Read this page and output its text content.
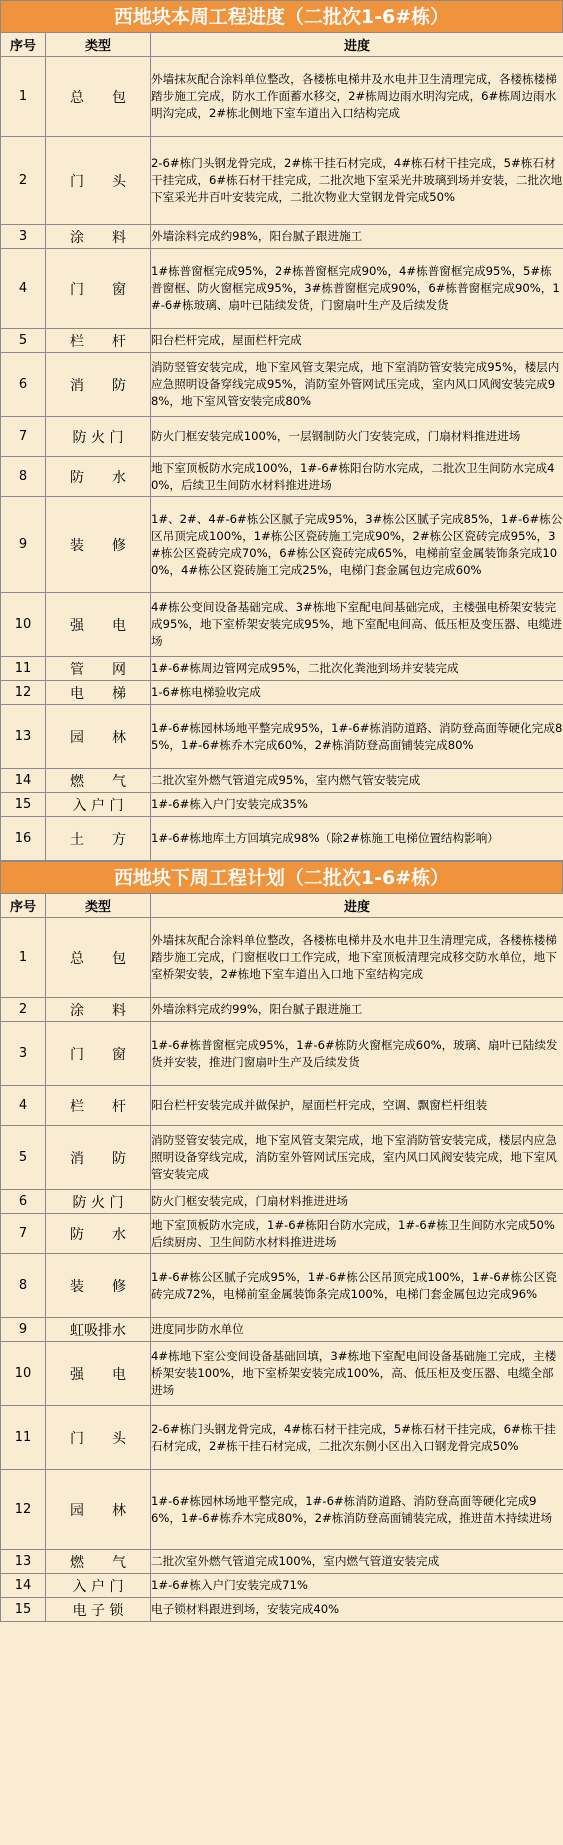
西地块本周工程进度（二批次1-6#栋）
序号	类型	进度
1	总　　包	外墙抹灰配合涂料单位整改，各楼栋电梯井及水电井卫生清理完成，各楼栋楼梯踏步施工完成，防水工作面蓄水移交，2#栋周边雨水明沟完成，6#栋周边雨水明沟完成，2#栋北侧地下室车道出入口结构完成
2	门　　头	2-6#栋门头钢龙骨完成，2#栋干挂石材完成，4#栋石材干挂完成，5#栋石材干挂完成，6#栋石材干挂完成，二批次地下室采光井玻璃到场并安装，二批次地下室采光井百叶安装完成，二批次物业大堂钢龙骨完成50%
3	涂　　料	外墙涂料完成约98%，阳台腻子跟进施工
4	门　　窗	1#栋普窗框完成95%，2#栋普窗框完成90%，4#栋普窗框完成95%，5#栋普窗框、防火窗框完成95%，3#栋普窗框完成90%，6#栋普窗框完成90%，1#-6#栋玻璃、扇叶已陆续发货，门窗扇叶生产及后续发货
5	栏　　杆	阳台栏杆完成，屋面栏杆完成
6	消　　防	消防竖管安装完成，地下室风管支架完成，地下室消防管安装完成95%，楼层内应急照明设备穿线完成95%，消防室外管网试压完成，室内风口风阀安装完成98%，地下室风管安装完成80%
7	防 火 门	防火门框安装完成100%，一层钢制防火门安装完成，门扇材料推进进场
8	防　　水	地下室顶板防水完成100%，1#-6#栋阳台防水完成，二批次卫生间防水完成40%，后续卫生间防水材料推进进场
9	装　　修	1#、2#、4#-6#栋公区腻子完成95%，3#栋公区腻子完成85%，1#-6#栋公区吊顶完成100%，1#栋公区瓷砖施工完成90%，2#栋公区瓷砖完成95%，3#栋公区瓷砖完成70%，6#栋公区瓷砖完成65%，电梯前室金属装饰条完成100%，4#栋公区瓷砖施工完成25%，电梯门套金属包边完成60%
10	强　　电	4#栋公变间设备基础完成、3#栋地下室配电间基础完成，主楼强电桥架安装完成95%，地下室桥架安装完成95%，地下室配电间高、低压柜及变压器、电缆进场
11	管　　网	1#-6#栋周边管网完成95%，二批次化粪池到场并安装完成
12	电　　梯	1-6#栋电梯验收完成
13	园　　林	1#-6#栋园林场地平整完成95%，1#-6#栋消防道路、消防登高面等硬化完成85%，1#-6#栋乔木完成60%，2#栋消防登高面铺装完成80%
14	燃　　气	二批次室外燃气管道完成95%，室内燃气管安装完成
15	入 户 门	1#-6#栋入户门安装完成35%
16	土　　方	1#-6#栋地库土方回填完成98%（除2#栋施工电梯位置结构影响）
西地块下周工程计划（二批次1-6#栋）
序号	类型	进度
1	总　　包	外墙抹灰配合涂料单位整改，各楼栋电梯井及水电井卫生清理完成，各楼栋楼梯踏步施工完成，门窗框收口工作完成，地下室顶板清理完成移交防水单位，地下室桥架安装，2#栋地下室车道出入口地下室结构完成
2	涂　　料	外墙涂料完成约99%，阳台腻子跟进施工
3	门　　窗	1#-6#栋普窗框完成95%，1#-6#栋防火窗框完成60%，玻璃、扇叶已陆续发货并安装，推进门窗扇叶生产及后续发货
4	栏　　杆	阳台栏杆安装完成并做保护，屋面栏杆完成，空调、飘窗栏杆组装
5	消　　防	消防竖管安装完成，地下室风管支架完成，地下室消防管安装完成，楼层内应急照明设备穿线完成，消防室外管网试压完成，室内风口风阀安装完成，地下室风管安装完成
6	防 火 门	防火门框安装完成，门扇材料推进进场
7	防　　水	地下室顶板防水完成，1#-6#栋阳台防水完成，1#-6#栋卫生间防水完成50%后续厨房、卫生间防水材料推进进场
8	装　　修	1#-6#栋公区腻子完成95%，1#-6#栋公区吊顶完成100%，1#-6#栋公区瓷砖完成72%，电梯前室金属装饰条完成100%，电梯门套金属包边完成96%
9	虹吸排水	进度同步防水单位
10	强　　电	4#栋地下室公变间设备基础回填，3#栋地下室配电间设备基础施工完成，主楼桥架安装100%，地下室桥架安装完成100%，高、低压柜及变压器、电缆全部进场
11	门　　头	2-6#栋门头钢龙骨完成，4#栋石材干挂完成，5#栋石材干挂完成，6#栋干挂石材完成，2#栋干挂石材完成，二批次东侧小区出入口钢龙骨完成50%
12	园　　林	1#-6#栋园林场地平整完成，1#-6#栋消防道路、消防登高面等硬化完成96%，1#-6#栋乔木完成80%，2#栋消防登高面铺装完成，推进苗木持续进场
13	燃　　气	二批次室外燃气管道完成100%，室内燃气管道安装完成
14	入 户 门	1#-6#栋入户门安装完成71%
15	电 子 锁	电子锁材料跟进到场，安装完成40%
